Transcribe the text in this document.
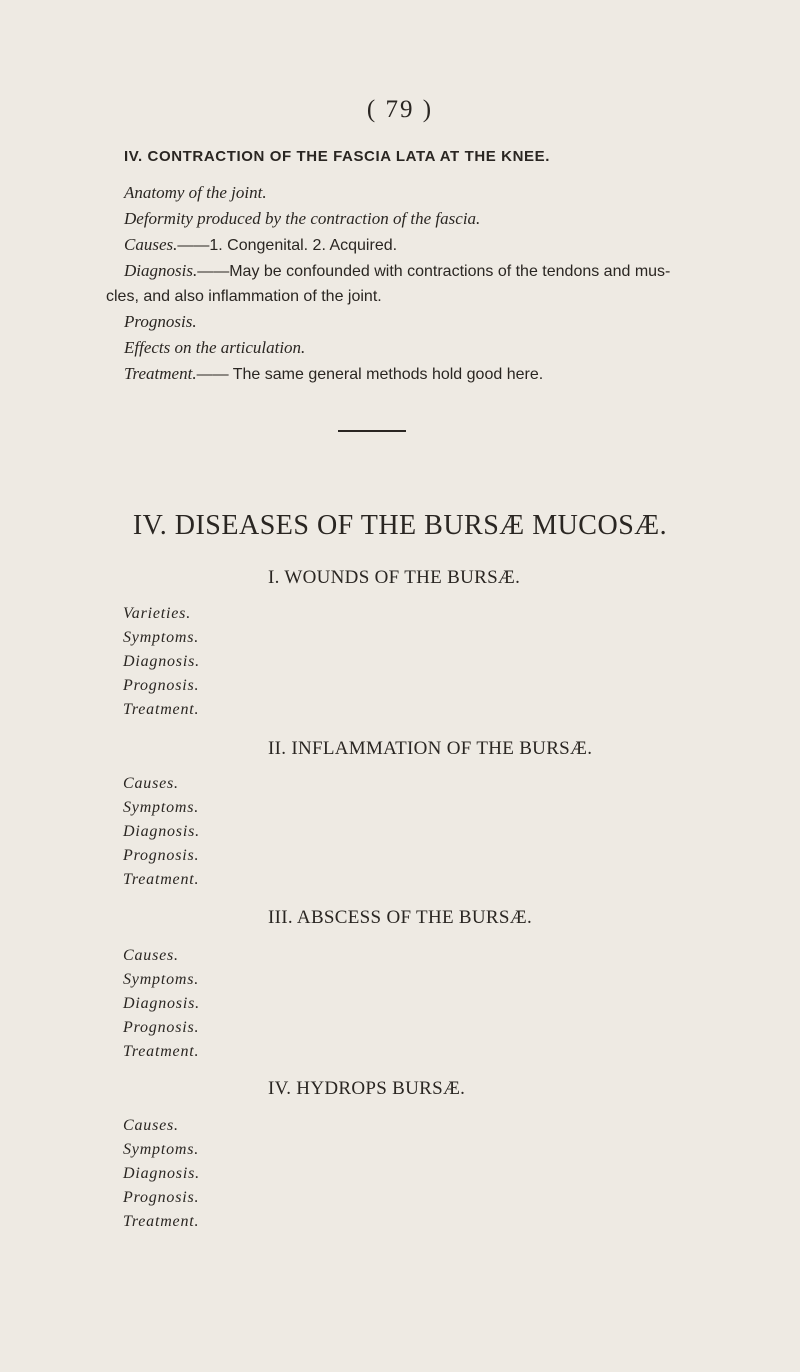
( 79 )
IV. CONTRACTION OF THE FASCIA LATA AT THE KNEE.
Anatomy of the joint.
Deformity produced by the contraction of the fascia.
Causes.——1. Congenital. 2. Acquired.
Diagnosis.——May be confounded with contractions of the tendons and mus-
cles, and also inflammation of the joint.
Prognosis.
Effects on the articulation.
Treatment.—— The same general methods hold good here.
IV. DISEASES OF THE BURSÆ MUCOSÆ.
I. WOUNDS OF THE BURSÆ.
Varieties.
Symptoms.
Diagnosis.
Prognosis.
Treatment.
II. INFLAMMATION OF THE BURSÆ.
Causes.
Symptoms.
Diagnosis.
Prognosis.
Treatment.
III. ABSCESS OF THE BURSÆ.
Causes.
Symptoms.
Diagnosis.
Prognosis.
Treatment.
IV. HYDROPS BURSÆ.
Causes.
Symptoms.
Diagnosis.
Prognosis.
Treatment.
